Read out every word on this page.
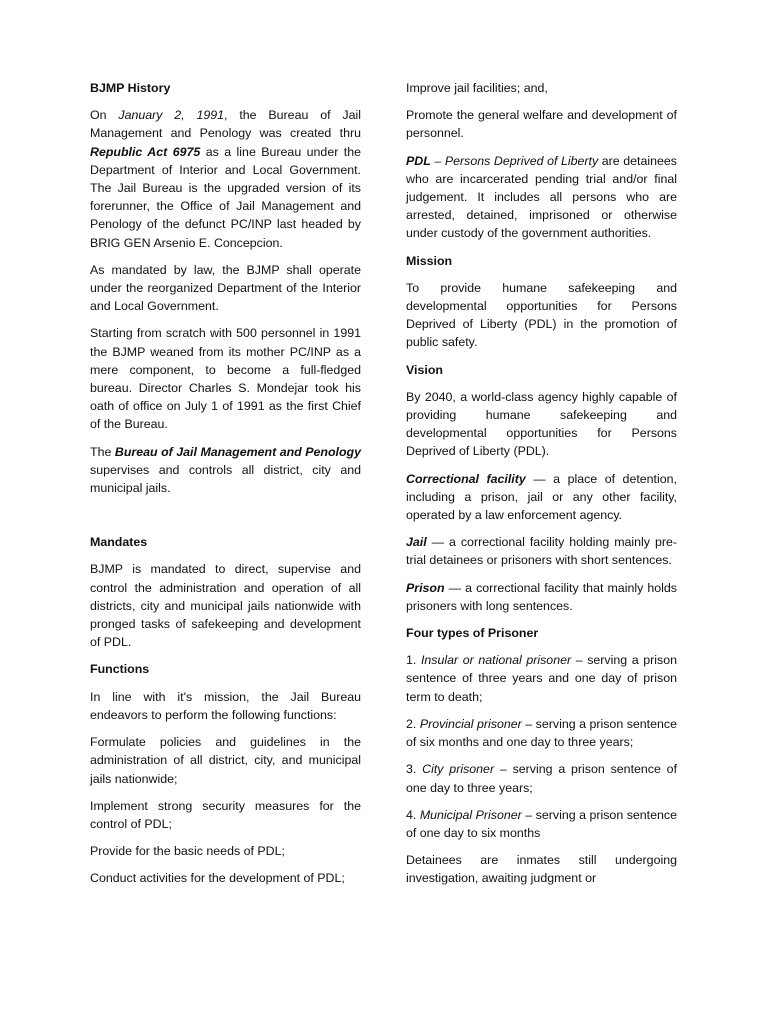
BJMP History

On January 2, 1991, the Bureau of Jail Management and Penology was created thru Republic Act 6975 as a line Bureau under the Department of Interior and Local Government. The Jail Bureau is the upgraded version of its forerunner, the Office of Jail Management and Penology of the defunct PC/INP last headed by BRIG GEN Arsenio E. Concepcion.

As mandated by law, the BJMP shall operate under the reorganized Department of the Interior and Local Government.

Starting from scratch with 500 personnel in 1991 the BJMP weaned from its mother PC/INP as a mere component, to become a full-fledged bureau. Director Charles S. Mondejar took his oath of office on July 1 of 1991 as the first Chief of the Bureau.

The Bureau of Jail Management and Penology supervises and controls all district, city and municipal jails.

Mandates

BJMP is mandated to direct, supervise and control the administration and operation of all districts, city and municipal jails nationwide with pronged tasks of safekeeping and development of PDL.

Functions

In line with it's mission, the Jail Bureau endeavors to perform the following functions:

Formulate policies and guidelines in the administration of all district, city, and municipal jails nationwide;

Implement strong security measures for the control of PDL;

Provide for the basic needs of PDL;

Conduct activities for the development of PDL;

Improve jail facilities; and,

Promote the general welfare and development of personnel.

PDL – Persons Deprived of Liberty are detainees who are incarcerated pending trial and/or final judgement. It includes all persons who are arrested, detained, imprisoned or otherwise under custody of the government authorities.

Mission

To provide humane safekeeping and developmental opportunities for Persons Deprived of Liberty (PDL) in the promotion of public safety.

Vision

By 2040, a world-class agency highly capable of providing humane safekeeping and developmental opportunities for Persons Deprived of Liberty (PDL).

Correctional facility — a place of detention, including a prison, jail or any other facility, operated by a law enforcement agency.

Jail — a correctional facility holding mainly pre-trial detainees or prisoners with short sentences.

Prison — a correctional facility that mainly holds prisoners with long sentences.

Four types of Prisoner

1. Insular or national prisoner – serving a prison sentence of three years and one day of prison term to death;

2. Provincial prisoner – serving a prison sentence of six months and one day to three years;

3. City prisoner – serving a prison sentence of one day to three years;

4. Municipal Prisoner – serving a prison sentence of one day to six months

Detainees are inmates still undergoing investigation, awaiting judgment or
